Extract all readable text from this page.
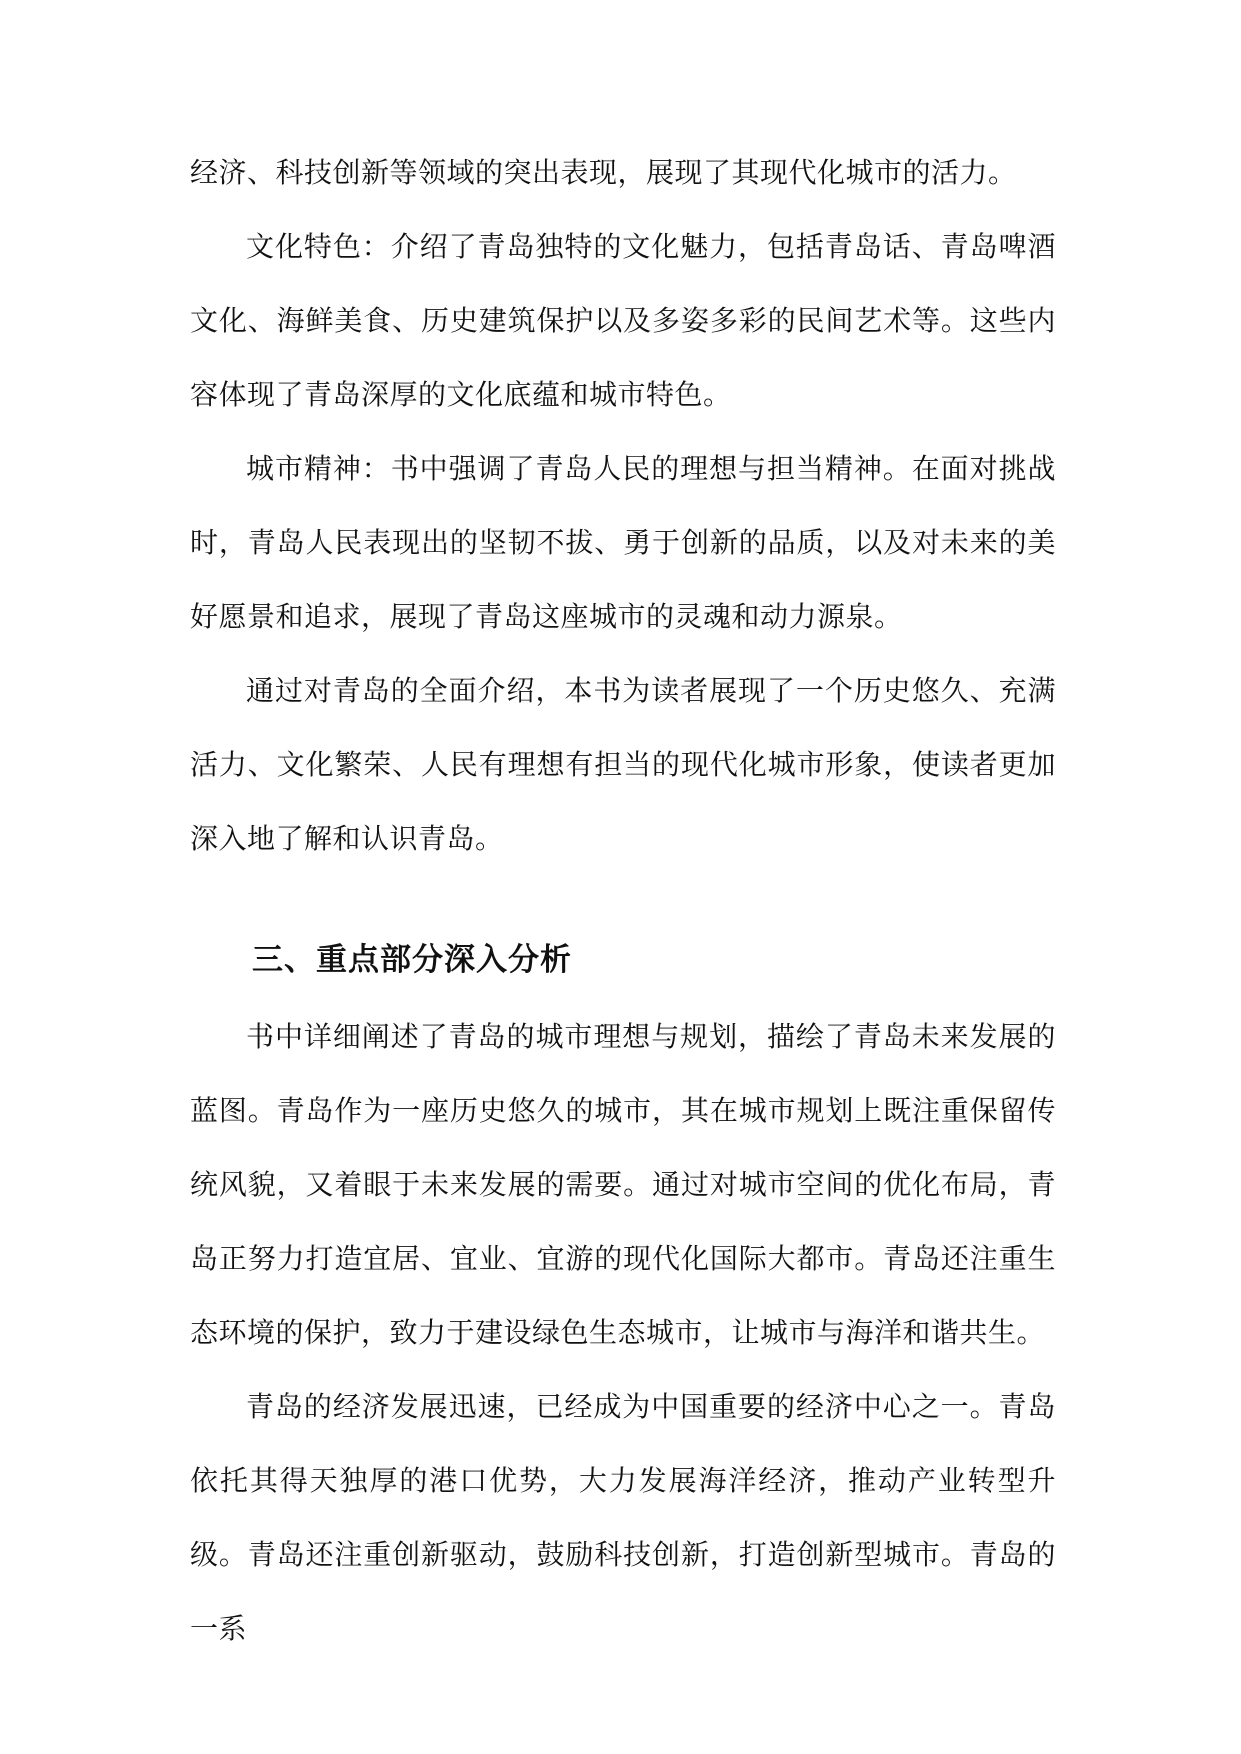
经济、科技创新等领域的突出表现，展现了其现代化城市的活力。

文化特色：介绍了青岛独特的文化魅力，包括青岛话、青岛啤酒文化、海鲜美食、历史建筑保护以及多姿多彩的民间艺术等。这些内容体现了青岛深厚的文化底蕴和城市特色。

城市精神：书中强调了青岛人民的理想与担当精神。在面对挑战时，青岛人民表现出的坚韧不拔、勇于创新的品质，以及对未来的美好愿景和追求，展现了青岛这座城市的灵魂和动力源泉。

通过对青岛的全面介绍，本书为读者展现了一个历史悠久、充满活力、文化繁荣、人民有理想有担当的现代化城市形象，使读者更加深入地了解和认识青岛。

三、重点部分深入分析

书中详细阐述了青岛的城市理想与规划，描绘了青岛未来发展的蓝图。青岛作为一座历史悠久的城市，其在城市规划上既注重保留传统风貌，又着眼于未来发展的需要。通过对城市空间的优化布局，青岛正努力打造宜居、宜业、宜游的现代化国际大都市。青岛还注重生态环境的保护，致力于建设绿色生态城市，让城市与海洋和谐共生。

青岛的经济发展迅速，已经成为中国重要的经济中心之一。青岛依托其得天独厚的港口优势，大力发展海洋经济，推动产业转型升级。青岛还注重创新驱动，鼓励科技创新，打造创新型城市。青岛的一系
